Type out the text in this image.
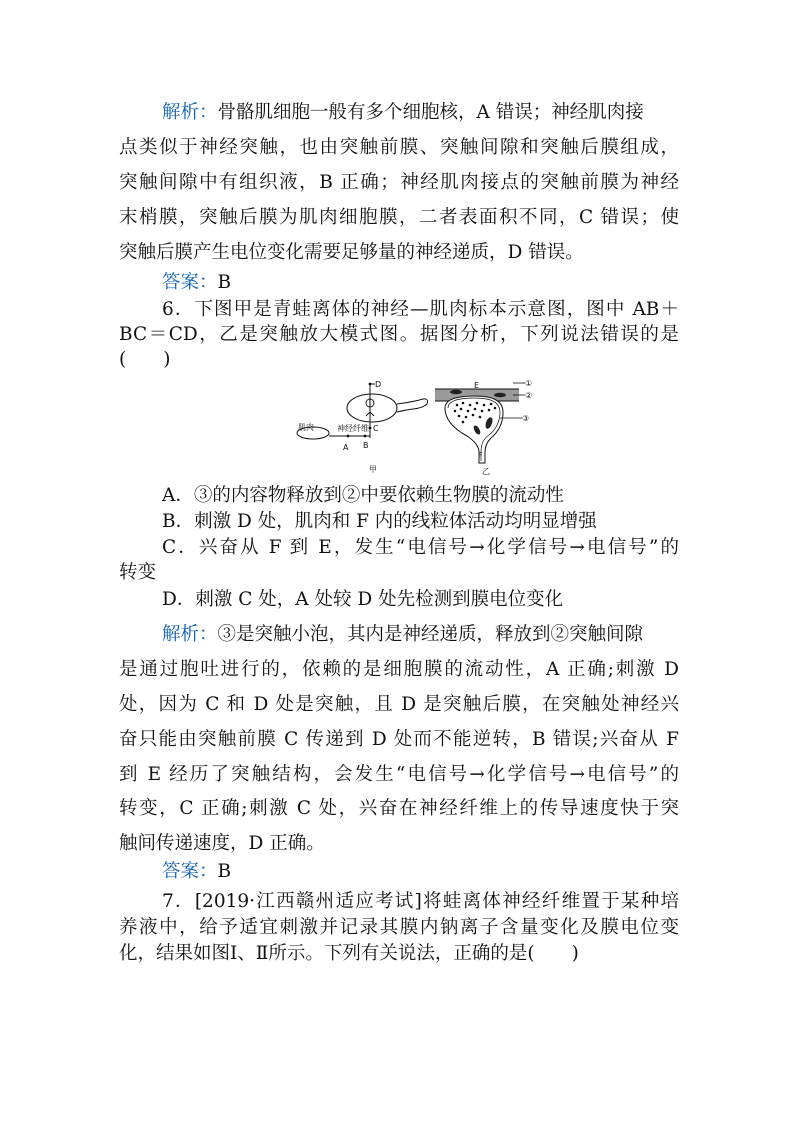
解析：骨骼肌细胞一般有多个细胞核，A 错误；神经肌肉接
点类似于神经突触，也由突触前膜、突触间隙和突触后膜组成，
突触间隙中有组织液，B 正确；神经肌肉接点的突触前膜为神经
末梢膜，突触后膜为肌肉细胞膜，二者表面积不同，C 错误；使
突触后膜产生电位变化需要足够量的神经递质，D 错误。
答案：B
6．下图甲是青蛙离体的神经—肌肉标本示意图，图中 AB＋
BC＝CD，乙是突触放大模式图。据图分析，下列说法错误的是
(　　)
D
C
B
A
肌肉	神经纤维
甲
E	①
②
③
F
乙
A．③的内容物释放到②中要依赖生物膜的流动性
B．刺激 D 处，肌肉和 F 内的线粒体活动均明显增强
C．兴奋从 F 到 E，发生“电信号→化学信号→电信号”的
转变
D．刺激 C 处，A 处较 D 处先检测到膜电位变化
解析：③是突触小泡，其内是神经递质，释放到②突触间隙
是通过胞吐进行的，依赖的是细胞膜的流动性，A 正确;刺激 D
处，因为 C 和 D 处是突触，且 D 是突触后膜，在突触处神经兴
奋只能由突触前膜 C 传递到 D 处而不能逆转，B 错误;兴奋从 F
到 E 经历了突触结构，会发生“电信号→化学信号→电信号”的
转变，C 正确;刺激 C 处，兴奋在神经纤维上的传导速度快于突
触间传递速度，D 正确。
答案：B
7．[2019·江西赣州适应考试]将蛙离体神经纤维置于某种培
养液中，给予适宜刺激并记录其膜内钠离子含量变化及膜电位变
化，结果如图Ⅰ、Ⅱ所示。下列有关说法，正确的是(　　)
